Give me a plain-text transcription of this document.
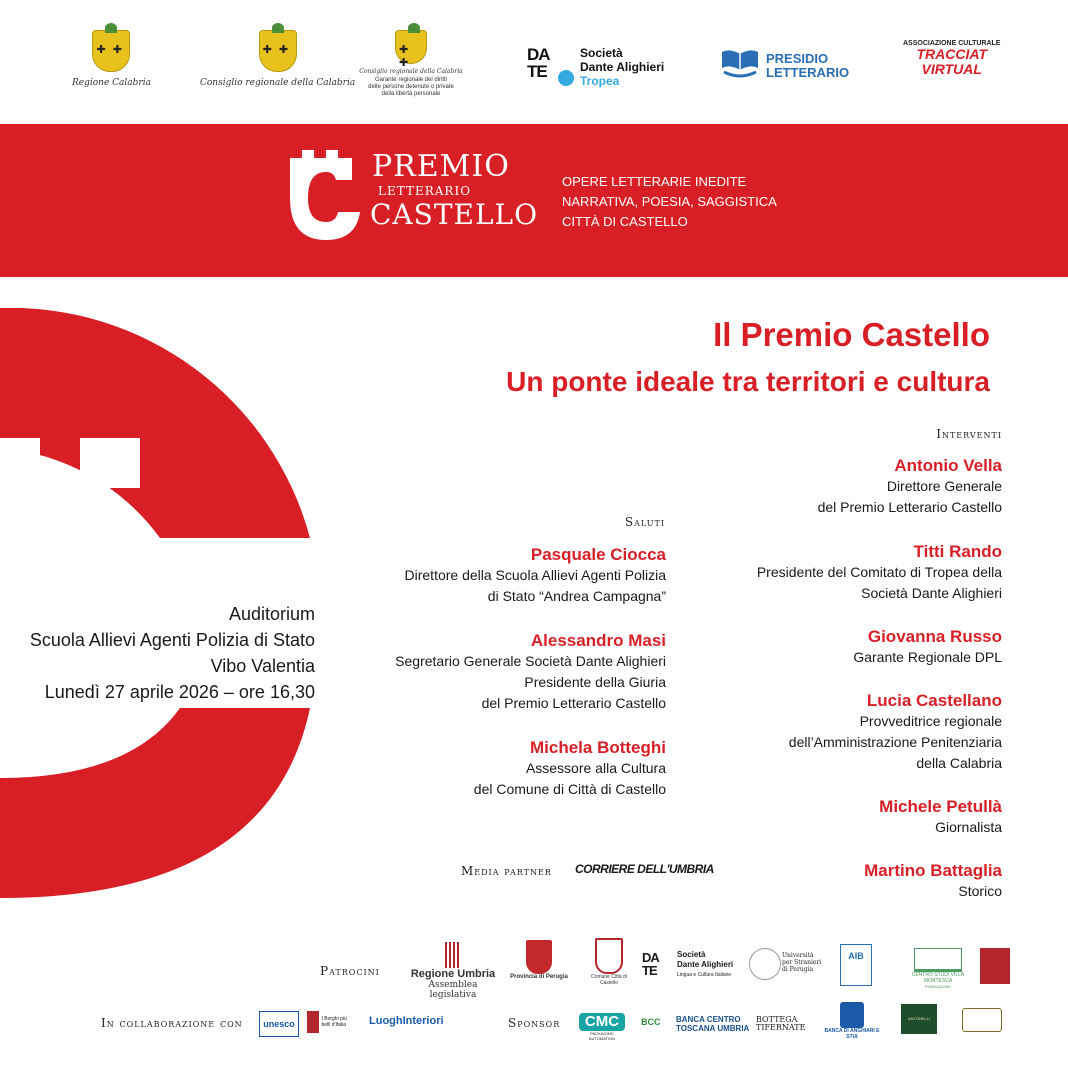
✚ ✚
Regione Calabria
✚ ✚	Consiglio regionale della Calabria
✚ ✚
Consiglio regionale della Calabria
Garante regionale dei diritti delle persone detenute o private della libertà personale
DA
TE
Società
Dante Alighieri
Tropea
PRESIDIO
LETTERARIO
ASSOCIAZIONE CULTURALE
TRACCIAT
VIRTUAL
PREMIO
LETTERARIO
CASTELLO
OPERE LETTERARIE INEDITE
NARRATIVA, POESIA, SAGGISTICA
CITTÀ DI CASTELLO
Il Premio Castello
Un ponte ideale tra territori e cultura
Auditorium
Scuola Allievi Agenti Polizia di Stato
Vibo Valentia
Lunedì 27 aprile 2026 – ore 16,30
Saluti
Pasquale Ciocca
Direttore della Scuola Allievi Agenti Polizia
di Stato “Andrea Campagna”
Alessandro Masi
Segretario Generale Società Dante Alighieri
Presidente della Giuria
del Premio Letterario Castello
Michela Botteghi
Assessore alla Cultura
del Comune di Città di Castello
Interventi
Antonio Vella
Direttore Generale
del Premio Letterario Castello
Titti Rando
Presidente del Comitato di Tropea della
Società Dante Alighieri
Giovanna Russo
Garante Regionale DPL
Lucia Castellano
Provveditrice regionale
dell’Amministrazione Penitenziaria
della Calabria
Michele Petullà
Giornalista
Martino Battaglia
Storico
Media partner CORRIERE DELL'UMBRIA
Patrocini	Regione Umbria
Assemblea legislativa
Provincia di Perugia	Comune Città di Castello
DA
TE
Società
Dante Alighieri
Lingua e Cultura Italiane
Università
per Stranieri
di Perugia
AIB
CENTRO STUDI VILLA MONTESCA
FONDAZIONE
In collaborazione con	unesco	I Borghi più belli d'Italia	LuoghInteriori	Sponsor	CMC
PACKAGING AUTOMATION
BCC BANCA CENTRO
TOSCANA UMBRIA
BOTTEGA
TIFERNATE	BANCA DI ANGHIARI E STIA
ANTONELLI
